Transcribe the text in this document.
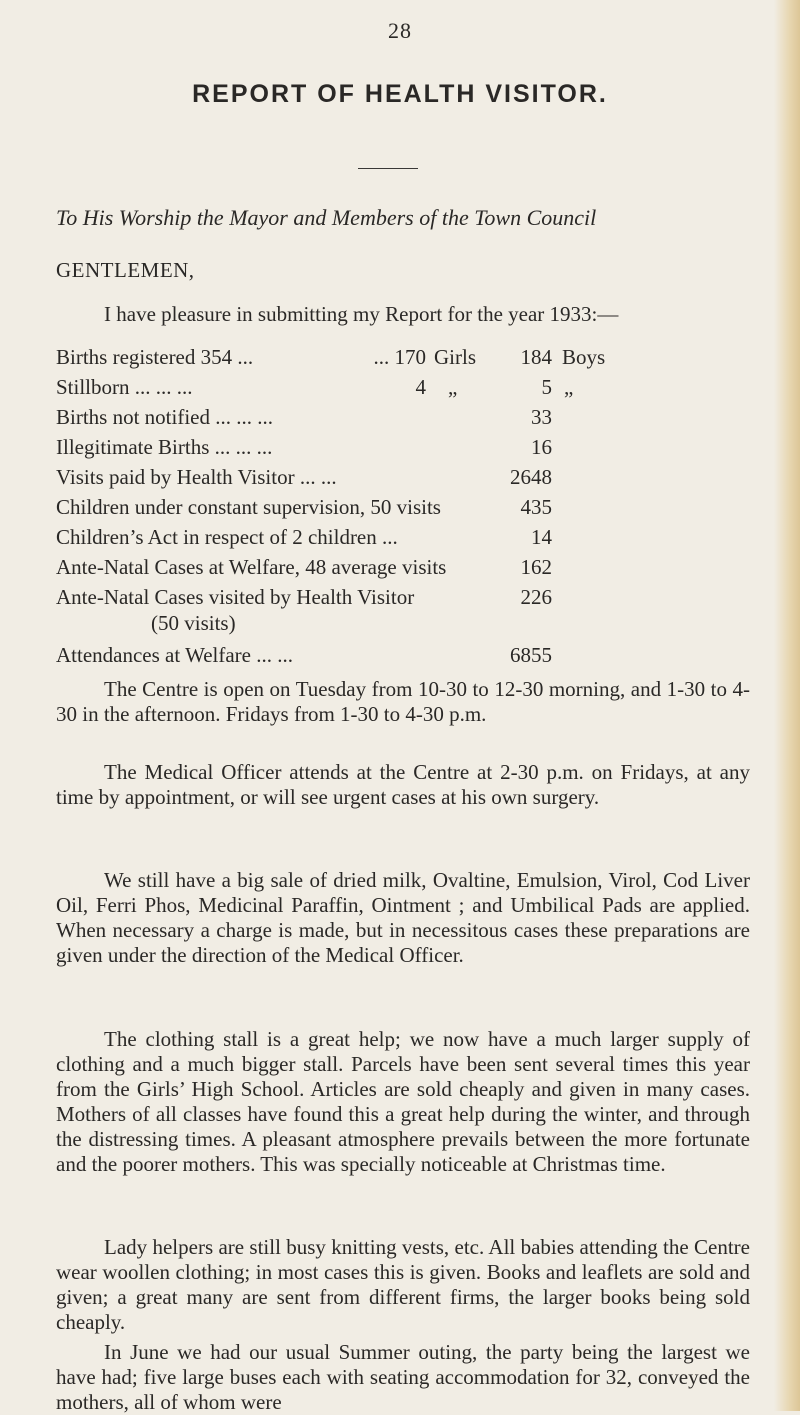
28
REPORT OF HEALTH VISITOR.
To His Worship the Mayor and Members of the Town Council
GENTLEMEN,
I have pleasure in submitting my Report for the year 1933:—
Births registered 354 ...	... 170 Girls	184 Boys
Stillborn ... ... ...	4 „	5 „
Births not notified ... ... ...	33
Illegitimate Births ... ... ...	16
Visits paid by Health Visitor ... ...	2648
Children under constant supervision, 50 visits	435
Children’s Act in respect of 2 children ...	14
Ante-Natal Cases at Welfare, 48 average visits	162
Ante-Natal Cases visited by Health Visitor	226
(50 visits)
Attendances at Welfare ... ...	6855

The Centre is open on Tuesday from 10-30 to 12-30 morning, and 1-30 to 4-30 in the afternoon. Fridays from 1-30 to 4-30 p.m.

The Medical Officer attends at the Centre at 2-30 p.m. on Fridays, at any time by appointment, or will see urgent cases at his own surgery.

We still have a big sale of dried milk, Ovaltine, Emulsion, Virol, Cod Liver Oil, Ferri Phos, Medicinal Paraffin, Ointment ; and Umbilical Pads are applied. When necessary a charge is made, but in necessitous cases these preparations are given under the direction of the Medical Officer.

The clothing stall is a great help; we now have a much larger supply of clothing and a much bigger stall. Parcels have been sent several times this year from the Girls’ High School. Articles are sold cheaply and given in many cases. Mothers of all classes have found this a great help during the winter, and through the distressing times. A pleasant atmosphere prevails between the more fortunate and the poorer mothers. This was specially noticeable at Christmas time.

Lady helpers are still busy knitting vests, etc. All babies attending the Centre wear woollen clothing; in most cases this is given. Books and leaflets are sold and given; a great many are sent from different firms, the larger books being sold cheaply.

In June we had our usual Summer outing, the party being the largest we have had; five large buses each with seating accommodation for 32, conveyed the mothers, all of whom were
